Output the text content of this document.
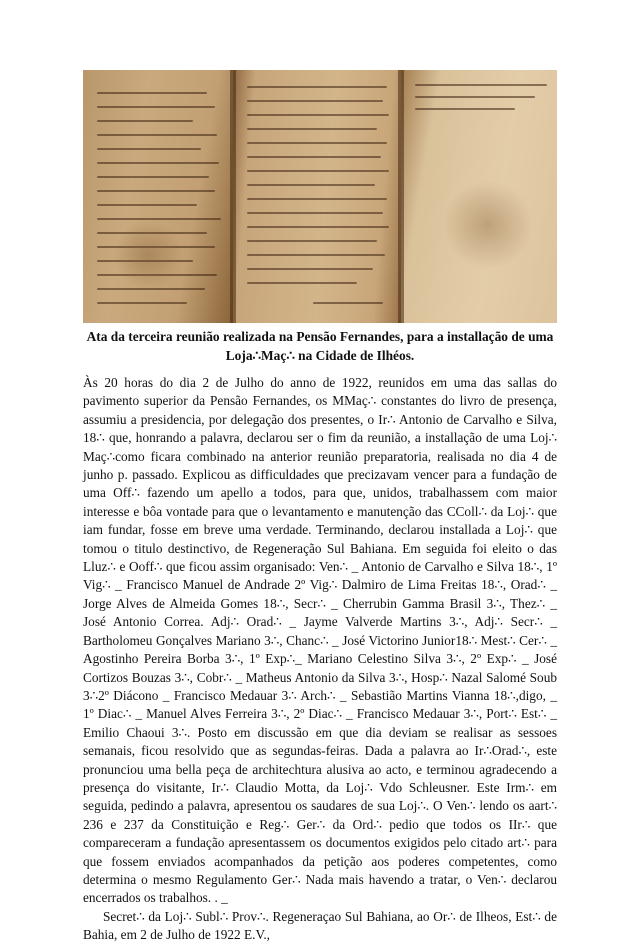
Ata da terceira reunião realizada na Pensão Fernandes, para a installação de uma
Loja∴Maç∴ na Cidade de Ilhéos.

Às 20 horas do dia 2 de Julho do anno de 1922, reunidos em uma das sallas do pavimento superior da Pensão Fernandes, os MMaç∴ constantes do livro de presença, assumiu a presidencia, por delegação dos presentes, o Ir∴ Antonio de Carvalho e Silva, 18∴ que, honrando a palavra, declarou ser o fim da reunião, a installação de uma Loj∴ Maç∴como ficara combinado na anterior reunião preparatoria, realisada no dia 4 de junho p. passado. Explicou as difficuldades que precizavam vencer para a fundação de uma Off∴ fazendo um apello a todos, para que, unidos, trabalhassem com maior interesse e bôa vontade para que o levantamento e manutenção das CColl∴ da Loj∴ que iam fundar, fosse em breve uma verdade. Terminando, declarou installada a Loj∴ que tomou o titulo destinctivo, de Regeneração Sul Bahiana. Em seguida foi eleito o das Lluz∴ e Ooff∴ que ficou assim organisado: Ven∴ _ Antonio de Carvalho e Silva 18∴, 1º Vig∴ _ Francisco Manuel de Andrade 2º Vig∴ Dalmiro de Lima Freitas 18∴, Orad∴ _ Jorge Alves de Almeida Gomes 18∴, Secr∴ _ Cherrubin Gamma Brasil 3∴, Thez∴ _ José Antonio Correa. Adj∴ Orad∴ _ Jayme Valverde Martins 3∴, Adj∴ Secr∴ _ Bartholomeu Gonçalves Mariano 3∴, Chanc∴ _ José Victorino Junior18∴ Mest∴ Cer∴ _ Agostinho Pereira Borba 3∴, 1º Exp∴_ Mariano Celestino Silva 3∴, 2º Exp∴ _ José Cortizos Bouzas 3∴, Cobr∴ _ Matheus Antonio da Silva 3∴, Hosp∴ Nazal Salomé Soub 3∴2º Diácono _ Francisco Medauar 3∴ Arch∴ _ Sebastião Martins Vianna 18∴,digo, _ 1º Diac∴ _ Manuel Alves Ferreira 3∴, 2º Diac∴ _ Francisco Medauar 3∴, Port∴ Est∴ _ Emilio Chaoui 3∴. Posto em discussão em que dia deviam se realisar as sessoes semanais, ficou resolvido que as segundas-feiras. Dada a palavra ao Ir∴Orad∴, este pronunciou uma bella peça de architechtura alusiva ao acto, e terminou agradecendo a presença do visitante, Ir∴ Claudio Motta, da Loj∴ Vdo Schleusner. Este Irm∴ em seguida, pedindo a palavra, apresentou os saudares de sua Loj∴. O Ven∴ lendo os aart∴ 236 e 237 da Constituição e Reg∴ Ger∴ da Ord∴ pedio que todos os IIr∴ que compareceram a fundação apresentassem os documentos exigidos pelo citado art∴ para que fossem enviados acompanhados da petição aos poderes competentes, como determina o mesmo Regulamento Ger∴ Nada mais havendo a tratar, o Ven∴ declarou encerrados os trabalhos. . _

Secret∴ da Loj∴ Subl∴ Prov∴. Regeneraçao Sul Bahiana, ao Or∴ de Ilheos, Est∴ de Bahia, em 2 de Julho de 1922 E.V.,
